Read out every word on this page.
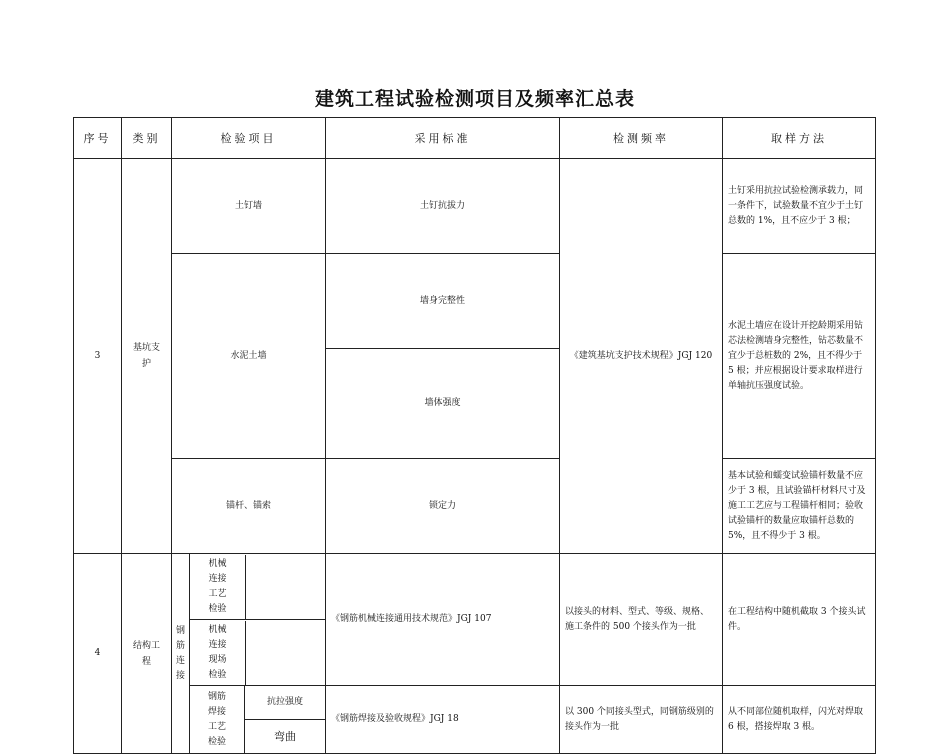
建筑工程试验检测项目及频率汇总表
序号	类别	检验项目			采用标准	检测频率	取样方法	
3	基坑支护	土钉墙			土钉抗拔力	《建筑基坑支护技术规程》JGJ 120	土钉采用抗拉试验检测承载力，同一条件下，试验数量不宜少于土钉总数的 1%，且不应少于 3 根；	
		水泥土墙			墙身完整性		水泥土墙应在设计开挖龄期采用钻芯法检测墙身完整性，钻芯数量不宜少于总桩数的 2%，且不得少于 5 根；并应根据设计要求取样进行单轴抗压强度试验。	
					墙体强度	
		锚杆、锚索			锁定力		基本试验和蠕变试验锚杆数量不应少于 3 根，且试验锚杆材料尺寸及施工工艺应与工程锚杆相同；验收试验锚杆的数量应取锚杆总数的 5%，且不得少于 3 根。	
4	结构工程	钢筋连接	机械连接工艺检验		《钢筋机械连接通用技术规范》JGJ 107	以接头的材料、型式、等级、规格、施工条件的 500 个接头作为一批	在工程结构中随机截取 3 个接头试件。	

			机械连接现场检验					

			钢筋焊接工艺检验	抗拉强度	《钢筋焊接及验收规程》JGJ 18	以 300 个同接头型式，同钢筋级别的接头作为一批	从不同部位随机取样，闪光对焊取 6 根，搭接焊取 3 根。	
				弯曲				
